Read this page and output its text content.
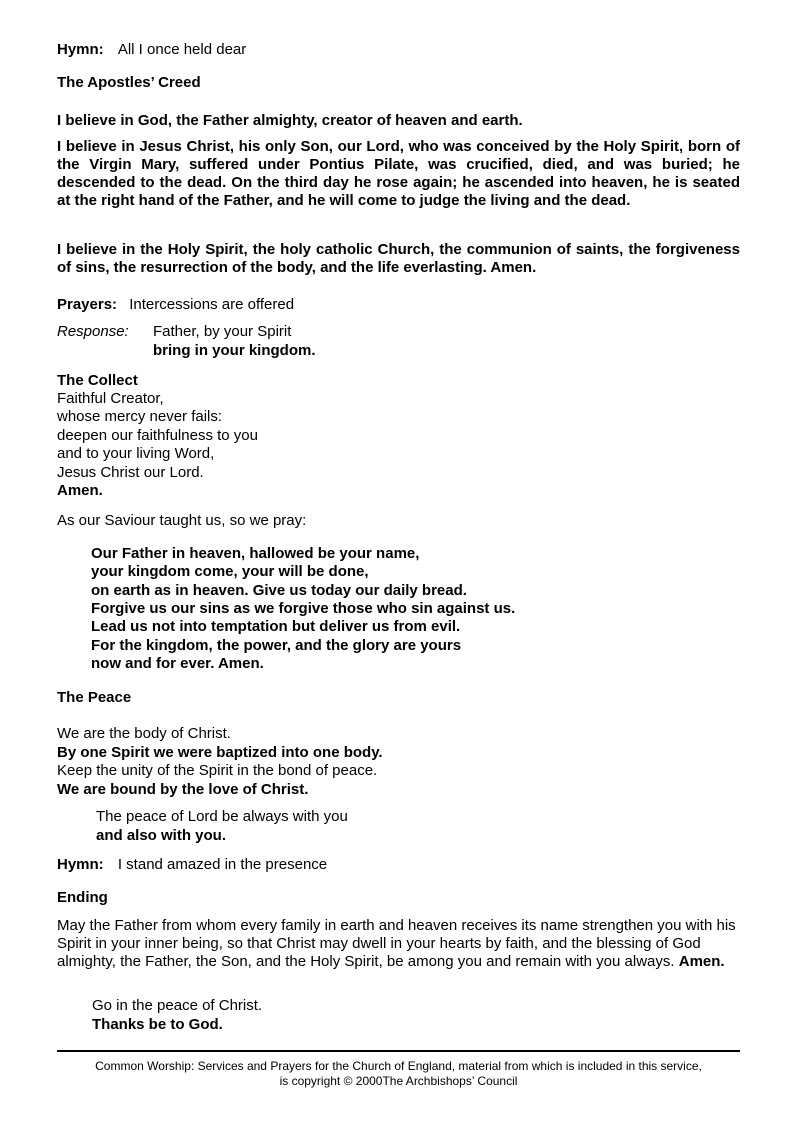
Hymn: All I once held dear
The Apostles’ Creed
I believe in God, the Father almighty, creator of heaven and earth.
I believe in Jesus Christ, his only Son, our Lord, who was conceived by the Holy Spirit, born of the Virgin Mary, suffered under Pontius Pilate, was crucified, died, and was buried; he descended to the dead. On the third day he rose again; he ascended into heaven, he is seated at the right hand of the Father, and he will come to judge the living and the dead.
I believe in the Holy Spirit, the holy catholic Church, the communion of saints, the forgiveness of sins, the resurrection of the body, and the life everlasting. Amen.
Prayers: Intercessions are offered
Response: Father, by your Spirit
bring in your kingdom.
The Collect
Faithful Creator,
whose mercy never fails:
deepen our faithfulness to you
and to your living Word,
Jesus Christ our Lord.
Amen.
As our Saviour taught us, so we pray:
Our Father in heaven, hallowed be your name,
your kingdom come, your will be done,
on earth as in heaven. Give us today our daily bread.
Forgive us our sins as we forgive those who sin against us.
Lead us not into temptation but deliver us from evil.
For the kingdom, the power, and the glory are yours
now and for ever. Amen.
The Peace
We are the body of Christ.
By one Spirit we were baptized into one body.
Keep the unity of the Spirit in the bond of peace.
We are bound by the love of Christ.
The peace of Lord be always with you
and also with you.
Hymn: I stand amazed in the presence
Ending
May the Father from whom every family in earth and heaven receives its name strengthen you with his Spirit in your inner being, so that Christ may dwell in your hearts by faith, and the blessing of God almighty, the Father, the Son, and the Holy Spirit, be among you and remain with you always. Amen.
Go in the peace of Christ.
Thanks be to God.
Common Worship: Services and Prayers for the Church of England, material from which is included in this service,
is copyright © 2000The Archbishops’ Council
